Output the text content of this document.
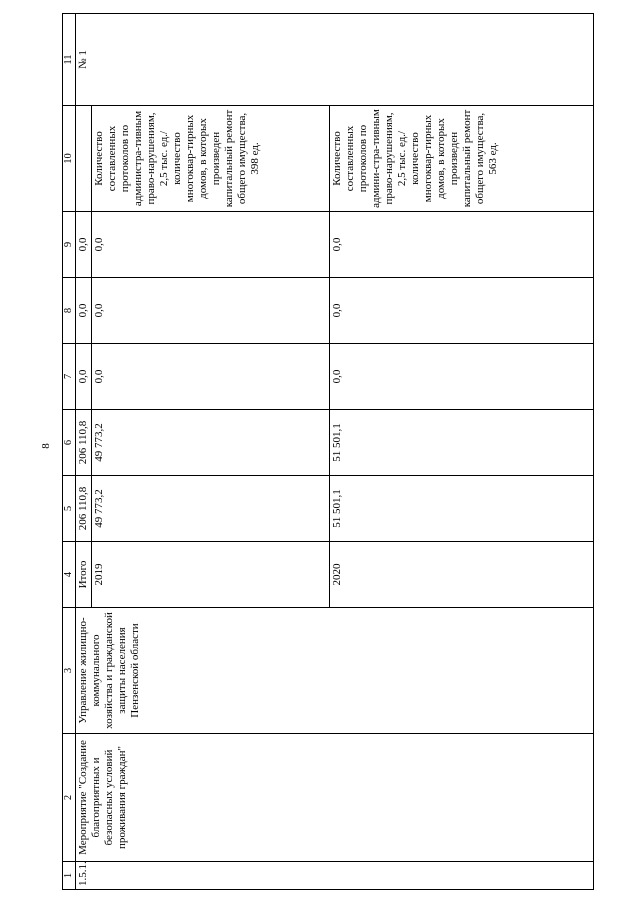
8
1	2	3	4	5	6	7	8	9	10	11
1.5.1.	Мероприятие "Создание благоприятных и безопасных условий проживания граждан"	Управление жилищно-коммунального хозяйства и гражданской защиты населения Пензенской области	Итого	206 110,8	206 110,8	0,0	0,0	0,0		№ 1
			2019	49 773,2	49 773,2	0,0	0,0	0,0	Количество составленных протоколов по администра-тивным право-нарушениям, 2,5 тыс. ед./ количество многоквар-тирных домов, в которых произведен капитальный ремонт общего имущества, 398 ед.	
			2020	51 501,1	51 501,1	0,0	0,0	0,0	Количество составленных протоколов по админи-стра-тивным право-нарушениям, 2,5 тыс. ед./ количество многоквар-тирных домов, в которых произведен капитальный ремонт общего имущества, 563 ед.	
